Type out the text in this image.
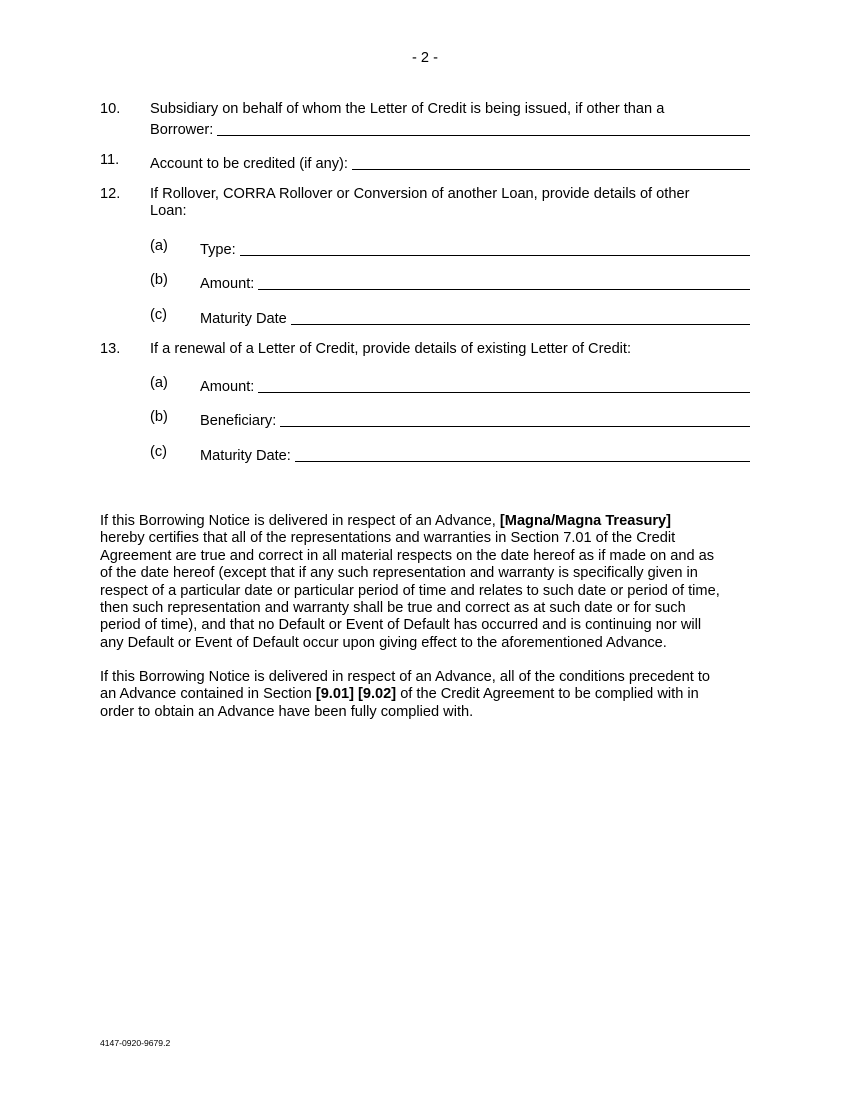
- 2 -
10. Subsidiary on behalf of whom the Letter of Credit is being issued, if other than a
Borrower:
11. Account to be credited (if any):
12. If Rollover, CORRA Rollover or Conversion of another Loan, provide details of other
Loan:
(a) Type:
(b) Amount:
(c) Maturity Date
13. If a renewal of a Letter of Credit, provide details of existing Letter of Credit:
(a) Amount:
(b) Beneficiary:
(c) Maturity Date:
If this Borrowing Notice is delivered in respect of an Advance, [Magna/Magna Treasury]
hereby certifies that all of the representations and warranties in Section 7.01 of the Credit
Agreement are true and correct in all material respects on the date hereof as if made on and as
of the date hereof (except that if any such representation and warranty is specifically given in
respect of a particular date or particular period of time and relates to such date or period of time,
then such representation and warranty shall be true and correct as at such date or for such
period of time), and that no Default or Event of Default has occurred and is continuing nor will
any Default or Event of Default occur upon giving effect to the aforementioned Advance.
If this Borrowing Notice is delivered in respect of an Advance, all of the conditions precedent to
an Advance contained in Section [9.01] [9.02] of the Credit Agreement to be complied with in
order to obtain an Advance have been fully complied with.
4147-0920-9679.2
